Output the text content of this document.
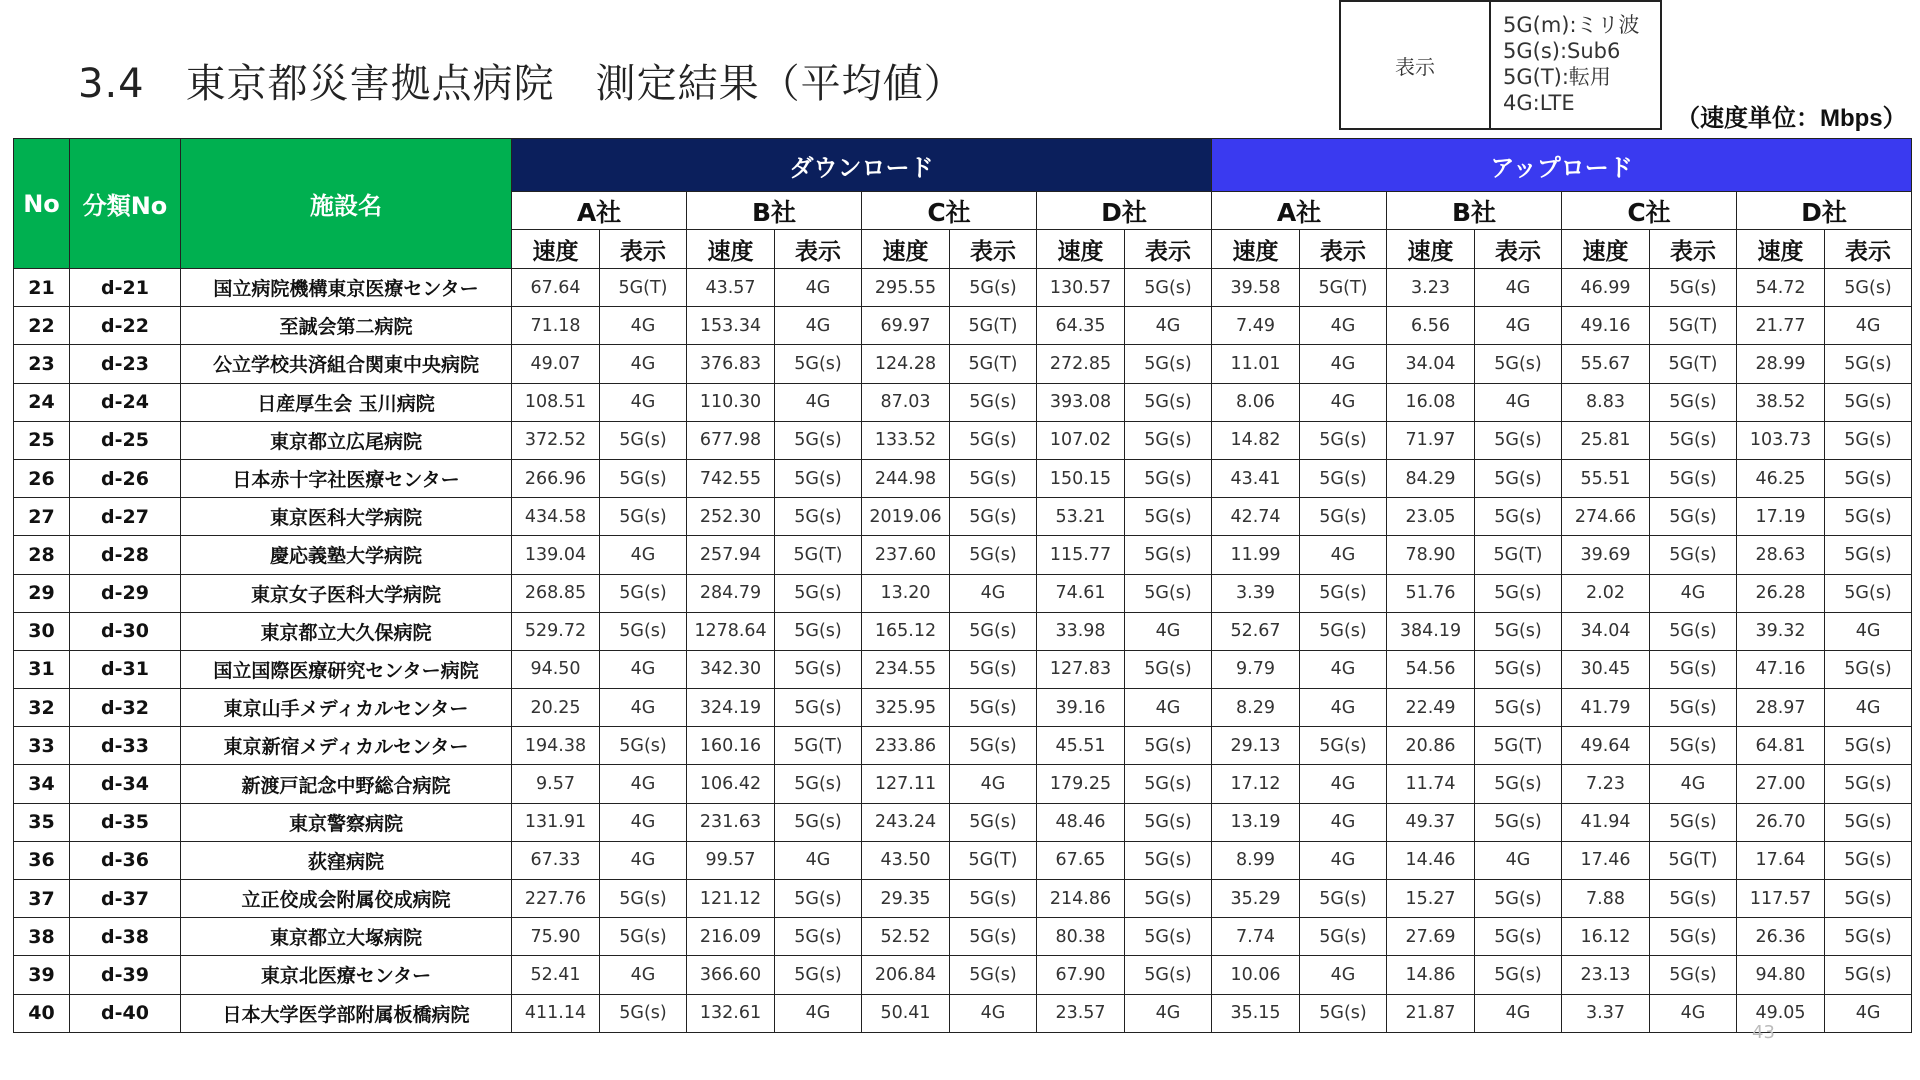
3.4　東京都災害拠点病院　測定結果（平均値）	表示
5G(m):ミリ波
5G(s):Sub6
5G(T):転用
4G:LTE
（速度単位：Mbps）
No	分類No	施設名	ダウンロード								アップロード							
			A社		B社		C社		D社		A社		B社		C社		D社	
			速度	表示	速度	表示	速度	表示	速度	表示	速度	表示	速度	表示	速度	表示	速度	表示
21	d-21	国立病院機構東京医療センター	67.64	5G(T)	43.57	4G	295.55	5G(s)	130.57	5G(s)	39.58	5G(T)	3.23	4G	46.99	5G(s)	54.72	5G(s)
22	d-22	至誠会第二病院	71.18	4G	153.34	4G	69.97	5G(T)	64.35	4G	7.49	4G	6.56	4G	49.16	5G(T)	21.77	4G
23	d-23	公立学校共済組合関東中央病院	49.07	4G	376.83	5G(s)	124.28	5G(T)	272.85	5G(s)	11.01	4G	34.04	5G(s)	55.67	5G(T)	28.99	5G(s)
24	d-24	日産厚生会 玉川病院	108.51	4G	110.30	4G	87.03	5G(s)	393.08	5G(s)	8.06	4G	16.08	4G	8.83	5G(s)	38.52	5G(s)
25	d-25	東京都立広尾病院	372.52	5G(s)	677.98	5G(s)	133.52	5G(s)	107.02	5G(s)	14.82	5G(s)	71.97	5G(s)	25.81	5G(s)	103.73	5G(s)
26	d-26	日本赤十字社医療センター	266.96	5G(s)	742.55	5G(s)	244.98	5G(s)	150.15	5G(s)	43.41	5G(s)	84.29	5G(s)	55.51	5G(s)	46.25	5G(s)
27	d-27	東京医科大学病院	434.58	5G(s)	252.30	5G(s)	2019.06	5G(s)	53.21	5G(s)	42.74	5G(s)	23.05	5G(s)	274.66	5G(s)	17.19	5G(s)
28	d-28	慶応義塾大学病院	139.04	4G	257.94	5G(T)	237.60	5G(s)	115.77	5G(s)	11.99	4G	78.90	5G(T)	39.69	5G(s)	28.63	5G(s)
29	d-29	東京女子医科大学病院	268.85	5G(s)	284.79	5G(s)	13.20	4G	74.61	5G(s)	3.39	5G(s)	51.76	5G(s)	2.02	4G	26.28	5G(s)
30	d-30	東京都立大久保病院	529.72	5G(s)	1278.64	5G(s)	165.12	5G(s)	33.98	4G	52.67	5G(s)	384.19	5G(s)	34.04	5G(s)	39.32	4G
31	d-31	国立国際医療研究センター病院	94.50	4G	342.30	5G(s)	234.55	5G(s)	127.83	5G(s)	9.79	4G	54.56	5G(s)	30.45	5G(s)	47.16	5G(s)
32	d-32	東京山手メディカルセンター	20.25	4G	324.19	5G(s)	325.95	5G(s)	39.16	4G	8.29	4G	22.49	5G(s)	41.79	5G(s)	28.97	4G
33	d-33	東京新宿メディカルセンター	194.38	5G(s)	160.16	5G(T)	233.86	5G(s)	45.51	5G(s)	29.13	5G(s)	20.86	5G(T)	49.64	5G(s)	64.81	5G(s)
34	d-34	新渡戸記念中野総合病院	9.57	4G	106.42	5G(s)	127.11	4G	179.25	5G(s)	17.12	4G	11.74	5G(s)	7.23	4G	27.00	5G(s)
35	d-35	東京警察病院	131.91	4G	231.63	5G(s)	243.24	5G(s)	48.46	5G(s)	13.19	4G	49.37	5G(s)	41.94	5G(s)	26.70	5G(s)
36	d-36	荻窪病院	67.33	4G	99.57	4G	43.50	5G(T)	67.65	5G(s)	8.99	4G	14.46	4G	17.46	5G(T)	17.64	5G(s)
37	d-37	立正佼成会附属佼成病院	227.76	5G(s)	121.12	5G(s)	29.35	5G(s)	214.86	5G(s)	35.29	5G(s)	15.27	5G(s)	7.88	5G(s)	117.57	5G(s)
38	d-38	東京都立大塚病院	75.90	5G(s)	216.09	5G(s)	52.52	5G(s)	80.38	5G(s)	7.74	5G(s)	27.69	5G(s)	16.12	5G(s)	26.36	5G(s)
39	d-39	東京北医療センター	52.41	4G	366.60	5G(s)	206.84	5G(s)	67.90	5G(s)	10.06	4G	14.86	5G(s)	23.13	5G(s)	94.80	5G(s)
40	d-40	日本大学医学部附属板橋病院	411.14	5G(s)	132.61	4G	50.41	4G	23.57	4G	35.15	5G(s)	21.87	4G	3.37	4G	49.05	4G
43
